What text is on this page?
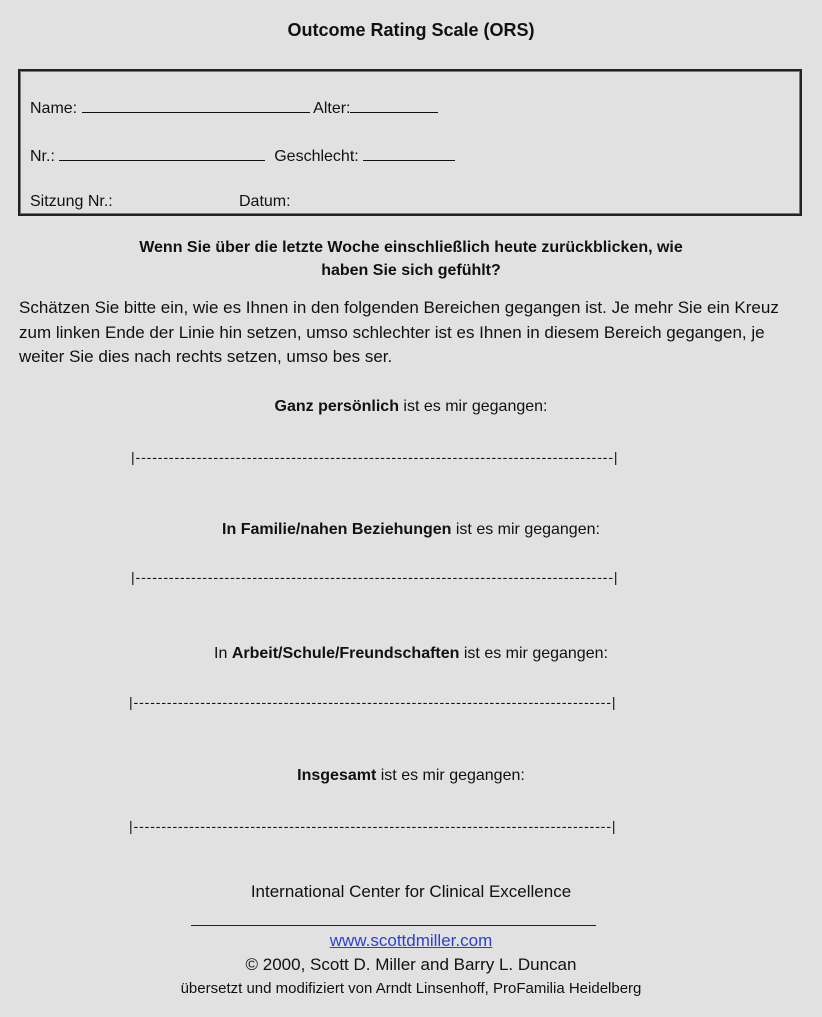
Outcome Rating Scale (ORS)
Name:	Alter:
Nr.:	Geschlecht:
Sitzung Nr.:	Datum:
Wenn Sie über die letzte Woche einschließlich heute zurückblicken, wie
haben Sie sich gefühlt?
Schätzen Sie bitte ein, wie es Ihnen in den folgenden Bereichen gegangen ist. Je mehr Sie ein Kreuz zum linken Ende der Linie hin setzen, umso schlechter ist es Ihnen in diesem Bereich gegangen, je weiter Sie dies nach rechts setzen, umso bes ser.
Ganz persönlich ist es mir gegangen:
|--------------------------------------------------------------------------------------|
In Familie/nahen Beziehungen ist es mir gegangen:
|--------------------------------------------------------------------------------------|
In Arbeit/Schule/Freundschaften ist es mir gegangen:
|--------------------------------------------------------------------------------------|
Insgesamt ist es mir gegangen:
|--------------------------------------------------------------------------------------|
International Center for Clinical Excellence
www.scottdmiller.com
© 2000, Scott D. Miller and Barry L. Duncan
übersetzt und modifiziert von Arndt Linsenhoff, ProFamilia Heidelberg
